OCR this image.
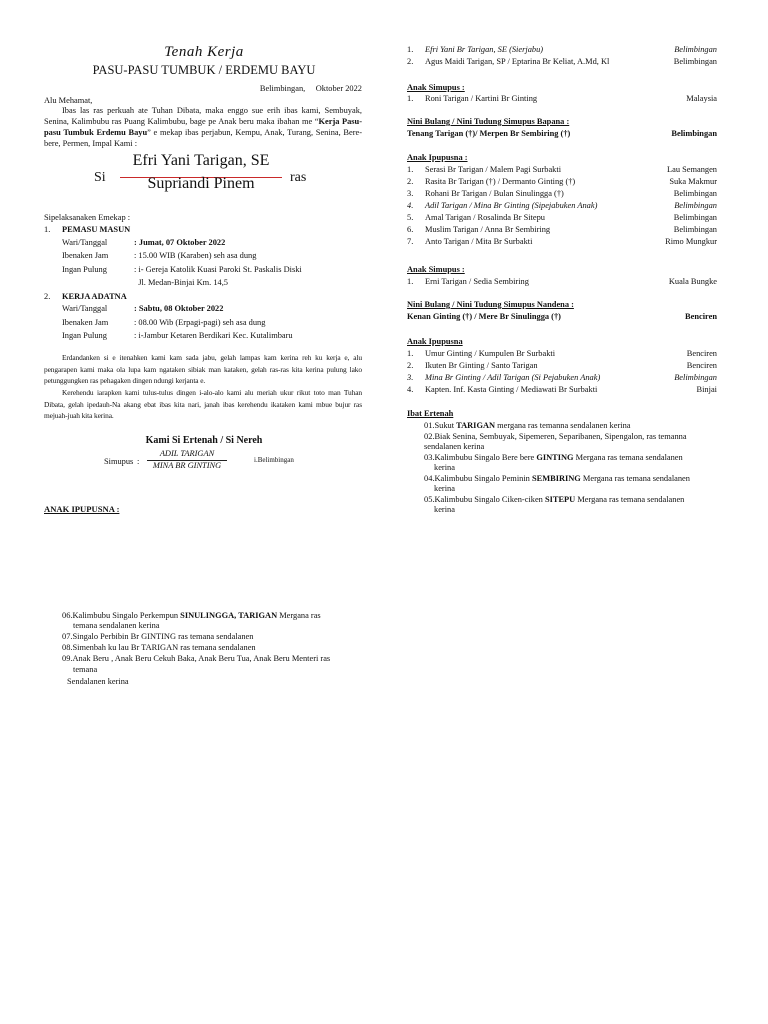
Tenah Kerja
PASU-PASU TUMBUK / ERDEMU BAYU
Belimbingan,     Oktober 2022
Alu Mehamat,
Ibas las ras perkuah ate Tuhan Dibata, maka enggo sue erih ibas kami, Sembuyak, Senina, Kalimbubu ras Puang Kalimbubu, bage pe Anak beru maka ibahan me “Kerja Pasu-pasu Tumbuk Erdemu Bayu” e mekap ibas perjabun, Kempu, Anak, Turang, Senina, Bere-bere, Permen, Impal Kami :
Si	ras
Efri Yani Tarigan, SE
Supriandi Pinem
Sipelaksanaken Emekap :
1. PEMASU MASUN
Wari/Tanggal	: Jumat, 07 Oktober 2022
Ibenaken Jam	: 15.00 WIB (Karaben) seh asa dung
Ingan Pulung	: i- Gereja Katolik Kuasi Paroki St. Paskalis Diski
Jl. Medan-Binjai Km. 14,5
2. KERJA ADATNA
Wari/Tanggal	: Sabtu, 08 Oktober 2022
Ibenaken Jam	: 08.00 Wib (Erpagi-pagi) seh asa dung
Ingan Pulung	: i-Jambur Ketaren Berdikari Kec. Kutalimbaru
Erdandanken si e itenahken kami kam sada jabu, gelah lampas kam kerina reh ku kerja e, alu pengarapen kami maka ola lupa kam ngataken sibiak man kataken, gelah ras-ras kita kerina pulung lako petunggungken ras pehagaken dingen ndungi kerjanta e.
Kerehendu iarapken kami tulus-tulus dingen i-alo-alo kami alu meriah ukur rikut toto man Tuhan Dibata, gelah ipedauh-Na akang ebat ibas kita nari, janah ibas kerehendu ikataken kami mbue bujur ras mejuah-juah kita kerina.
Kami Si Ertenah / Si Nereh
Simupus :
ADIL TARIGAN
MINA BR GINTING
i.Belimbingan
ANAK IPUPUSNA :
06.Kalimbubu Singalo Perkempun SINULINGGA, TARIGAN Mergana ras
temana sendalanen kerina
07.Singalo Perbibin Br GINTING ras temana sendalanen
08.Simenbah ku lau Br TARIGAN ras temana sendalanen
09.Anak Beru , Anak Beru Cekuh Baka, Anak Beru Tua, Anak Beru Menteri ras
temana
Sendalanen kerina
1. Efri Yani Br Tarigan, SE (Sierjabu)	Belimbingan
2. Agus Maidi Tarigan, SP / Eptarina Br Keliat, A.Md, Kl	Belimbingan
Anak Simupus :
1. Roni Tarigan / Kartini Br Ginting	Malaysia
Nini Bulang / Nini Tudung Simupus Bapana :
Tenang Tarigan (†)/ Merpen Br Sembiring (†)	Belimbingan
Anak Ipupusna :
1. Serasi Br Tarigan / Malem Pagi Surbakti	Lau Semangen
2. Rasita Br Tarigan (†) / Dermanto Ginting (†)	Suka Makmur
3. Rohani Br Tarigan / Bulan Sinulingga (†)	Belimbingan
4. Adil Tarigan / Mina Br Ginting (Sipejabuken Anak)	Belimbingan
5. Amal Tarigan / Rosalinda Br Sitepu	Belimbingan
6. Muslim Tarigan / Anna Br Sembiring	Belimbingan
7. Anto Tarigan / Mita Br Surbakti	Rimo Mungkur
Anak Simupus :
1. Erni Tarigan / Sedia Sembiring	Kuala Bungke
Nini Bulang / Nini Tudung Simupus Nandena :
Kenan Ginting (†) / Mere Br Sinulingga (†)	Benciren
Anak Ipupusna
1. Umur Ginting / Kumpulen Br Surbakti	Benciren
2. Ikuten Br Ginting / Santo Tarigan	Benciren
3. Mina Br Ginting / Adil Tarigan (Si Pejabuken Anak)	Belimbingan
4. Kapten. Inf. Kasta Ginting / Mediawati Br Surbakti	Binjai
Ibat Ertenah
01.Sukut TARIGAN mergana ras temanna sendalanen kerina
02.Biak Senina, Sembuyak, Sipemeren, Separibanen, Sipengalon, ras temanna
sendalanen kerina
03.Kalimbubu Singalo Bere bere GINTING Mergana ras temana sendalanen
kerina
04.Kalimbubu Singalo Peminin SEMBIRING Mergana ras temana sendalanen
kerina
05.Kalimbubu Singalo Ciken-ciken SITEPU Mergana ras temana sendalanen
kerina
